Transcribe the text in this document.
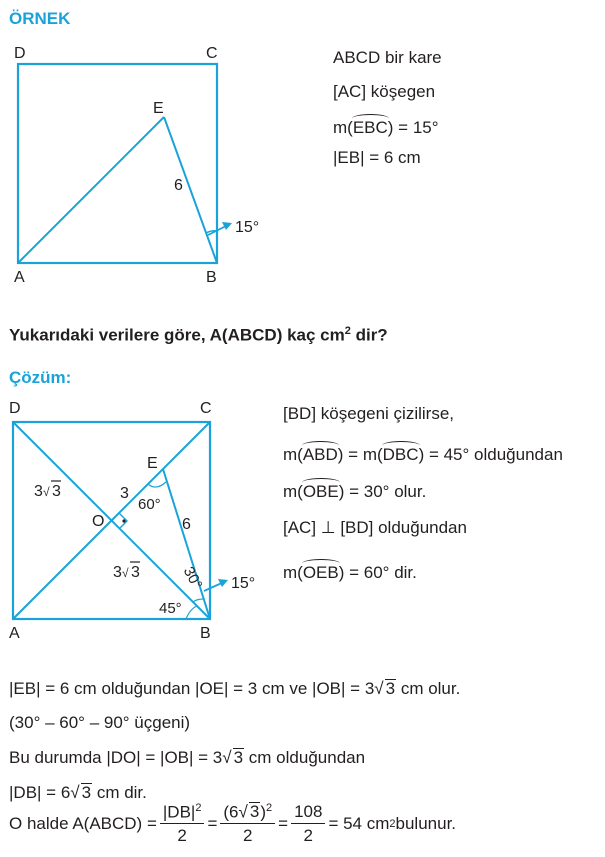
ÖRNEK
D	C
E
A	B
6
15°
ABCD bir kare
[AC] köşegen
m(EBC) = 15°
|EB| = 6 cm
Yukarıdaki verilere göre, A(ABCD) kaç $cm^2$ dir?
Çözüm:
D	C
E
O
A	B
3 √ 3	3
60°
6
3 √ 3	30°
45°
15°
[BD] köşegeni çizilirse,
m(ABD) = m(DBC) = 45° olduğundan
m(OBE) = 30° olur.
[AC] ⊥ [BD] olduğundan
m(OEB) = 60° dir.
|EB| = 6 cm olduğundan |OE| = 3 cm ve |OB| = 3√ 3 cm olur.
(30° – 60° – 90° üçgeni)
Bu durumda |DO| = |OB| = 3√ 3 cm olduğundan
|DB| = 6√ 3 cm dir.
O halde A(ABCD) = $\frac{|DB|^2}{2} = \frac{(6√ 3)^2}{2} = \frac{108}{2} = 54$ cm 2 bulunur.
